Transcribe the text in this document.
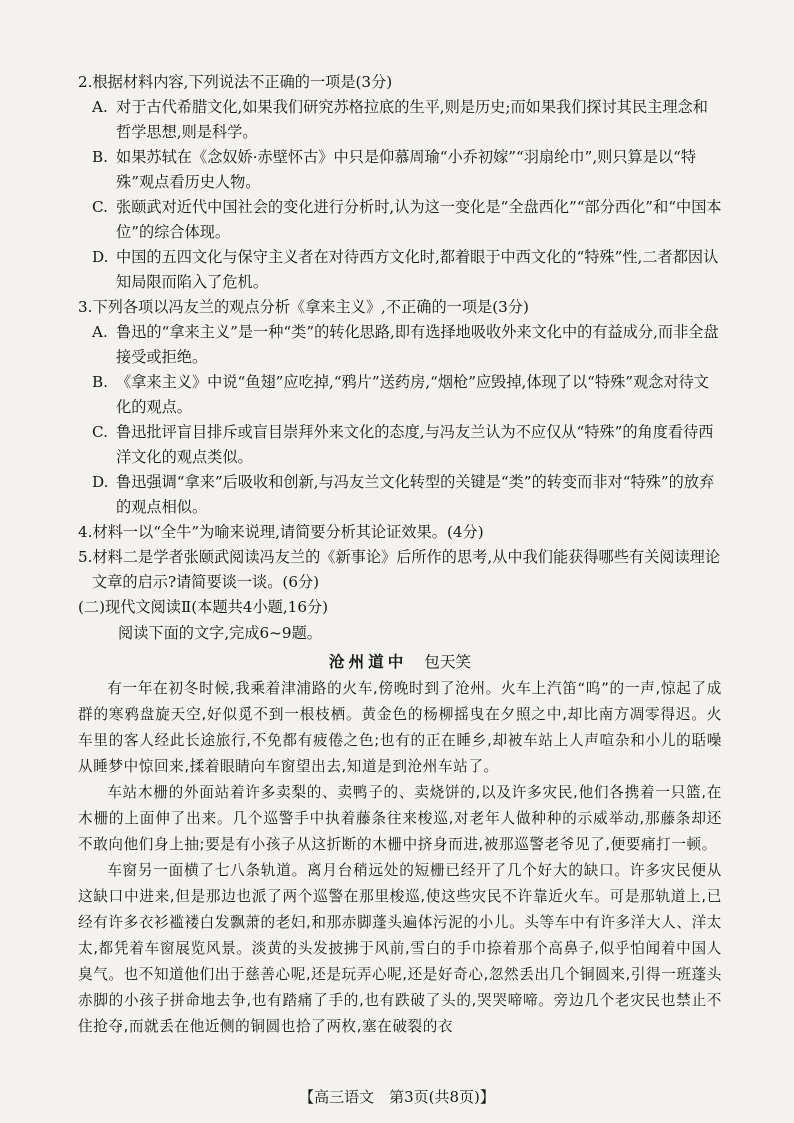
2.根据材料内容,下列说法不正确的一项是(3分)
A. 对于古代希腊文化,如果我们研究苏格拉底的生平,则是历史;而如果我们探讨其民主理念和哲学思想,则是科学。
B. 如果苏轼在《念奴娇·赤壁怀古》中只是仰慕周瑜“小乔初嫁”“羽扇纶巾”,则只算是以“特殊”观点看历史人物。
C. 张颐武对近代中国社会的变化进行分析时,认为这一变化是“全盘西化”“部分西化”和“中国本位”的综合体现。
D. 中国的五四文化与保守主义者在对待西方文化时,都着眼于中西文化的“特殊”性,二者都因认知局限而陷入了危机。
3.下列各项以冯友兰的观点分析《拿来主义》,不正确的一项是(3分)
A. 鲁迅的“拿来主义”是一种“类”的转化思路,即有选择地吸收外来文化中的有益成分,而非全盘接受或拒绝。
B. 《拿来主义》中说“鱼翅”应吃掉,“鸦片”送药房,“烟枪”应毁掉,体现了以“特殊”观念对待文化的观点。
C. 鲁迅批评盲目排斥或盲目崇拜外来文化的态度,与冯友兰认为不应仅从“特殊”的角度看待西洋文化的观点类似。
D. 鲁迅强调“拿来”后吸收和创新,与冯友兰文化转型的关键是“类”的转变而非对“特殊”的放弃的观点相似。
4.材料一以“全牛”为喻来说理,请简要分析其论证效果。(4分)
5.材料二是学者张颐武阅读冯友兰的《新事论》后所作的思考,从中我们能获得哪些有关阅读理论文章的启示?请简要谈一谈。(6分)
(二)现代文阅读Ⅱ(本题共4小题,16分)
阅读下面的文字,完成6~9题。
沧州道中 包天笑

有一年在初冬时候,我乘着津浦路的火车,傍晚时到了沧州。火车上汽笛“呜”的一声,惊起了成群的寒鸦盘旋天空,好似觅不到一根枝栖。黄金色的杨柳摇曳在夕照之中,却比南方凋零得迟。火车里的客人经此长途旅行,不免都有疲倦之色;也有的正在睡乡,却被车站上人声喧杂和小儿的聒噪从睡梦中惊回来,揉着眼睛向车窗望出去,知道是到沧州车站了。

车站木栅的外面站着许多卖梨的、卖鸭子的、卖烧饼的,以及许多灾民,他们各携着一只篮,在木栅的上面伸了出来。几个巡警手中执着藤条往来梭巡,对老年人做种种的示威举动,那藤条却还不敢向他们身上抽;要是有小孩子从这折断的木栅中挤身而进,被那巡警老爷见了,便要痛打一顿。

车窗另一面横了七八条轨道。离月台稍远处的短栅已经开了几个好大的缺口。许多灾民便从这缺口中进来,但是那边也派了两个巡警在那里梭巡,使这些灾民不许靠近火车。可是那轨道上,已经有许多衣衫褴褛白发飘萧的老妇,和那赤脚蓬头遍体污泥的小儿。头等车中有许多洋大人、洋太太,都凭着车窗展览风景。淡黄的头发披拂于风前,雪白的手巾捺着那个高鼻子,似乎怕闻着中国人臭气。也不知道他们出于慈善心呢,还是玩弄心呢,还是好奇心,忽然丢出几个铜圆来,引得一班蓬头赤脚的小孩子拼命地去争,也有踏痛了手的,也有跌破了头的,哭哭啼啼。旁边几个老灾民也禁止不住抢夺,而就丢在他近侧的铜圆也拾了两枚,塞在破裂的衣

【高三语文　第3页(共8页)】
